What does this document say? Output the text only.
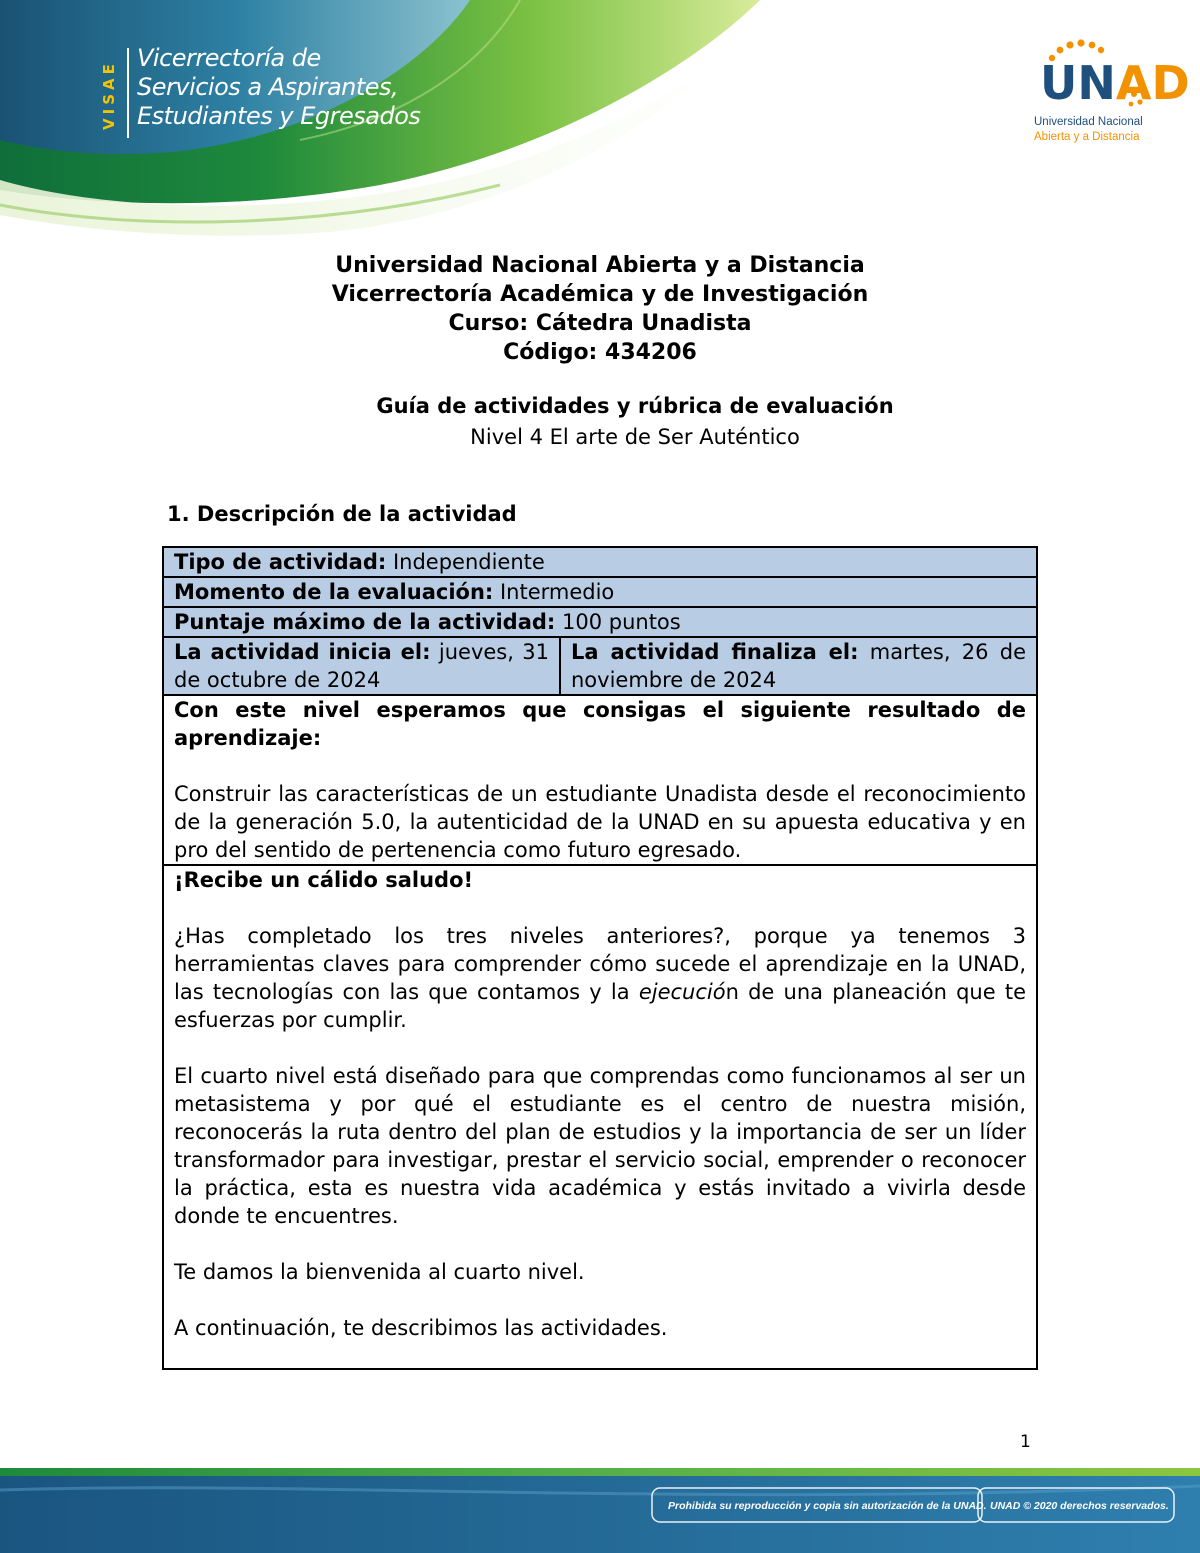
VISAE
Vicerrectoría de
Servicios a Aspirantes,
Estudiantes y Egresados
UNAD
Universidad Nacional
Abierta y a Distancia
Universidad Nacional Abierta y a Distancia
Vicerrectoría Académica y de Investigación
Curso: Cátedra Unadista
Código: 434206
Guía de actividades y rúbrica de evaluación
Nivel 4 El arte de Ser Auténtico
1. Descripción de la actividad
Tipo de actividad: Independiente
Momento de la evaluación: Intermedio
Puntaje máximo de la actividad: 100 puntos
La actividad inicia el: jueves, 31 de octubre de 2024	La actividad finaliza el: martes, 26 de noviembre de 2024

Con este nivel esperamos que consigas el siguiente resultado de aprendizaje:

Construir las características de un estudiante Unadista desde el reconocimiento de la generación 5.0, la autenticidad de la UNAD en su apuesta educativa y en pro del sentido de pertenencia como futuro egresado.

¡Recibe un cálido saludo!

¿Has completado los tres niveles anteriores?, porque ya tenemos 3 herramientas claves para comprender cómo sucede el aprendizaje en la UNAD, las tecnologías con las que contamos y la ejecución de una planeación que te esfuerzas por cumplir.

El cuarto nivel está diseñado para que comprendas como funcionamos al ser un metasistema y por qué el estudiante es el centro de nuestra misión, reconocerás la ruta dentro del plan de estudios y la importancia de ser un líder transformador para investigar, prestar el servicio social, emprender o reconocer la práctica, esta es nuestra vida académica y estás invitado a vivirla desde donde te encuentres.

Te damos la bienvenida al cuarto nivel.

A continuación, te describimos las actividades.

1
Prohibida su reproducción y copia sin autorización de la UNAD. UNAD © 2020 derechos reservados.
